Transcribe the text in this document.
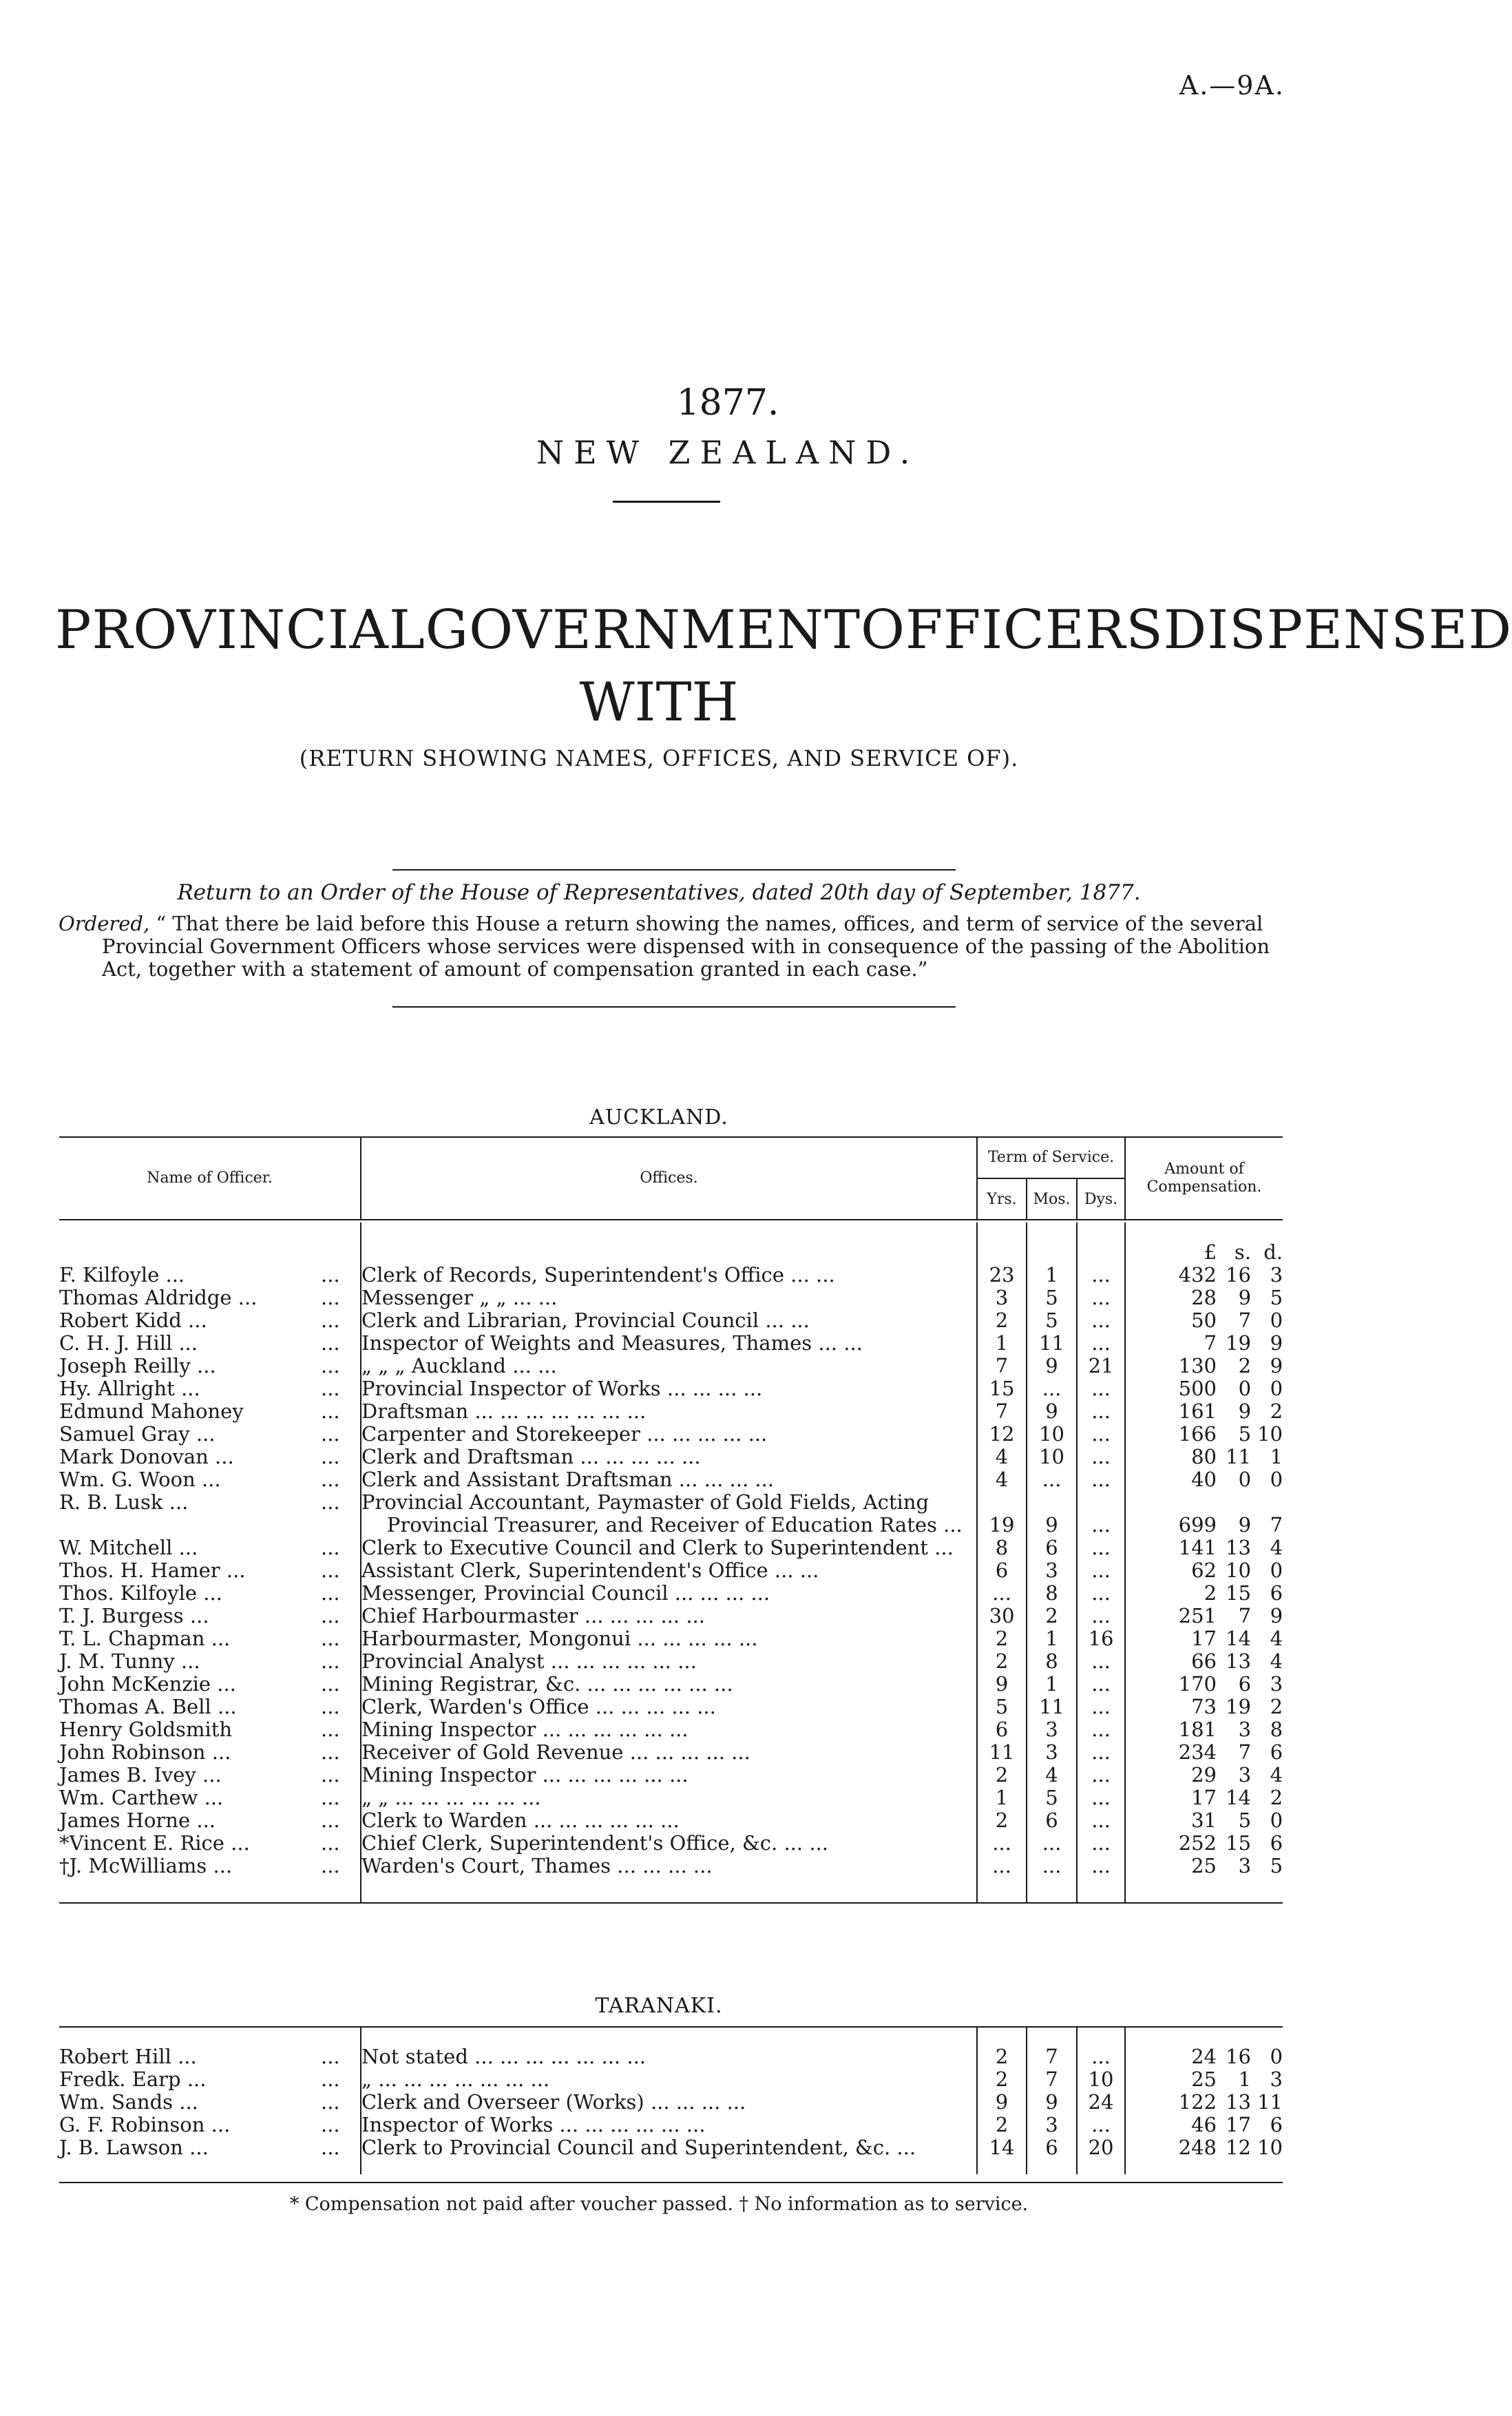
A.—9A.
1877.
NEW ZEALAND.
PROVINCIAL GOVERNMENT OFFICERS DISPENSED
WITH
(RETURN SHOWING NAMES, OFFICES, AND SERVICE OF).
Return to an Order of the House of Representatives, dated 20th day of September, 1877.
Ordered, “ That there be laid before this House a return showing the names, offices, and term of service of the several Provincial Government Officers whose services were dispensed with in consequence of the passing of the Abolition Act, together with a statement of amount of compensation granted in each case.”
AUCKLAND.
Name of Officer.		Offices.	Term of Service.			Amount of Compensation.
			Yrs.	Mos.	Dys.	

						£ s. d.

F. Kilfoyle ...	...	Clerk of Records, Superintendent's Office ... ...	23	1	...	432 16 3

Thomas Aldridge ...	...	Messenger „ „ ... ...	3	5	...	28 9 5

Robert Kidd ...	...	Clerk and Librarian, Provincial Council ... ...	2	5	...	50 7 0

C. H. J. Hill ...	...	Inspector of Weights and Measures, Thames ... ...	1	11	...	7 19 9

Joseph Reilly ...	...	„ „ „ Auckland ... ...	7	9	21	130 2 9

Hy. Allright ...	...	Provincial Inspector of Works ... ... ... ...	15	...	...	500 0 0

Edmund Mahoney	...	Draftsman ... ... ... ... ... ... ...	7	9	...	161 9 2

Samuel Gray ...	...	Carpenter and Storekeeper ... ... ... ... ...	12	10	...	166 5 10

Mark Donovan ...	...	Clerk and Draftsman ... ... ... ... ...	4	10	...	80 11 1

Wm. G. Woon ...	...	Clerk and Assistant Draftsman ... ... ... ...	4	...	...	40 0 0

R. B. Lusk ...	...	Provincial Accountant, Paymaster of Gold Fields, Acting				

		Provincial Treasurer, and Receiver of Education Rates ...	19	9	...	699 9 7

W. Mitchell ...	...	Clerk to Executive Council and Clerk to Superintendent ...	8	6	...	141 13 4

Thos. H. Hamer ...	...	Assistant Clerk, Superintendent's Office ... ...	6	3	...	62 10 0

Thos. Kilfoyle ...	...	Messenger, Provincial Council ... ... ... ...	...	8	...	2 15 6

T. J. Burgess ...	...	Chief Harbourmaster ... ... ... ... ...	30	2	...	251 7 9

T. L. Chapman ...	...	Harbourmaster, Mongonui ... ... ... ... ...	2	1	16	17 14 4

J. M. Tunny ...	...	Provincial Analyst ... ... ... ... ... ...	2	8	...	66 13 4

John McKenzie ...	...	Mining Registrar, &c. ... ... ... ... ... ...	9	1	...	170 6 3

Thomas A. Bell ...	...	Clerk, Warden's Office ... ... ... ... ...	5	11	...	73 19 2

Henry Goldsmith	...	Mining Inspector ... ... ... ... ... ...	6	3	...	181 3 8

John Robinson ...	...	Receiver of Gold Revenue ... ... ... ... ...	11	3	...	234 7 6

James B. Ivey ...	...	Mining Inspector ... ... ... ... ... ...	2	4	...	29 3 4

Wm. Carthew ...	...	„ „ ... ... ... ... ... ...	1	5	...	17 14 2

James Horne ...	...	Clerk to Warden ... ... ... ... ... ...	2	6	...	31 5 0

*Vincent E. Rice ...	...	Chief Clerk, Superintendent's Office, &c. ... ...	...	...	...	252 15 6

†J. McWilliams ...	...	Warden's Court, Thames ... ... ... ...	...	...	...	25 3 5

TARANAKI.

Robert Hill ...	...	Not stated ... ... ... ... ... ... ...	2	7	...	24 16 0

Fredk. Earp ...	...	„ ... ... ... ... ... ... ...	2	7	10	25 1 3

Wm. Sands ...	...	Clerk and Overseer (Works) ... ... ... ...	9	9	24	122 13 11

G. F. Robinson ...	...	Inspector of Works ... ... ... ... ... ...	2	3	...	46 17 6

J. B. Lawson ...	...	Clerk to Provincial Council and Superintendent, &c. ...	14	6	20	248 12 10

* Compensation not paid after voucher passed. † No information as to service.
